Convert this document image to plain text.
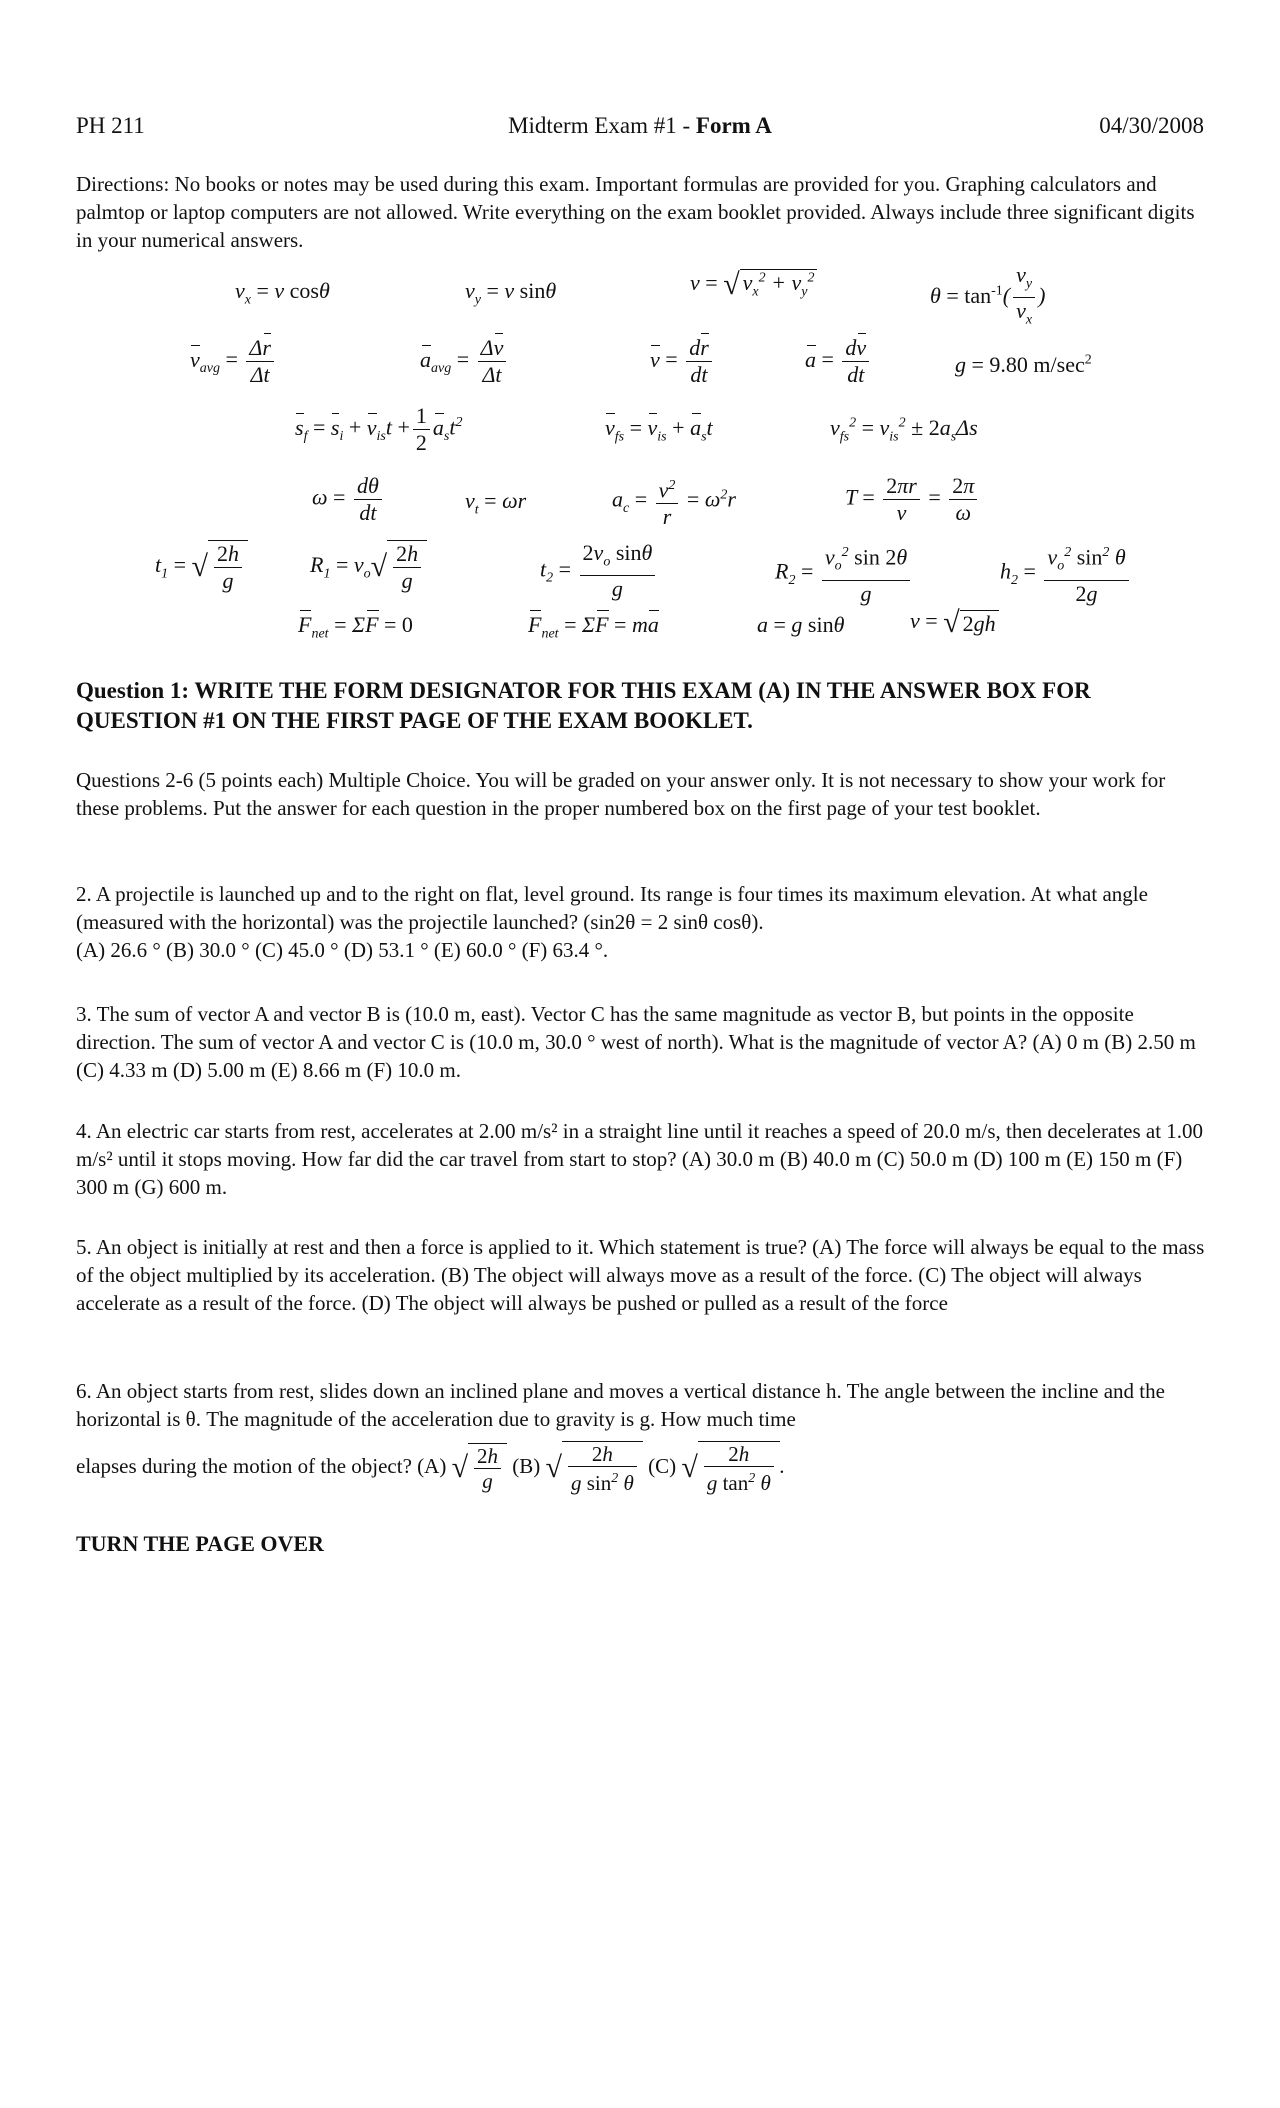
PH 211	Midterm Exam #1 - Form A	04/30/2008
Directions: No books or notes may be used during this exam. Important formulas are provided for you. Graphing calculators and palmtop or laptop computers are not allowed. Write everything on the exam booklet provided. Always include three significant digits in your numerical answers.
$v_x = v$ cosθ	$v_y = v$ sinθ	v = √ $v_x^2 + v_y^2$
$\theta = \tan^{-1}( \frac{v_y}{v_x}$ )
$v_{avg} = \frac{\Delta r}{\Delta t}$	$a_{avg} = \frac{\Delta v}{\Delta t}$	$v = \frac{dr}{dt}$	$a = \frac{dv}{dt}$	g = 9.80 $m/\sec^2$
$s_f = s_i + v_{is}t + \frac{1}{2} a_st^2$	$v_{fs} = v_{is} + a_st$	$v_{fs}^2 = v_{is}^2 \pm 2a_s\Delta s$
$\omega = \frac{d\theta}{dt}$	$v_t = \omega r$	$a_c = \frac{v^2}{r} = \omega^2r$	$T = \frac{2\pi r}{v} = \frac{2\pi}{\omega}$
$t_1$ = √ $\frac{2h}{g}$	$R_1 = v_o√ \frac{2h}{g}$	$t_2 = \frac{2v_o \sin\theta}{g}$	$R_2 = \frac{v_o^2 \sin 2\theta}{g}$	$h_2 = \frac{v_o^2 \sin^2 \theta}{2g}$
$F_{net} = \Sigma F = 0$	$F_{net} = \Sigma F$ = ma	a = g sinθ	v = √ 2gh
Question 1: WRITE THE FORM DESIGNATOR FOR THIS EXAM (A) IN THE ANSWER BOX FOR QUESTION #1 ON THE FIRST PAGE OF THE EXAM BOOKLET.
Questions 2-6 (5 points each) Multiple Choice. You will be graded on your answer only. It is not necessary to show your work for these problems. Put the answer for each question in the proper numbered box on the first page of your test booklet.
2. A projectile is launched up and to the right on flat, level ground. Its range is four times its maximum elevation. At what angle (measured with the horizontal) was the projectile launched? (sin2θ = 2 sinθ cosθ).
(A) 26.6 ° (B) 30.0 ° (C) 45.0 ° (D) 53.1 ° (E) 60.0 ° (F) 63.4 °.
3. The sum of vector A and vector B is (10.0 m, east). Vector C has the same magnitude as vector B, but points in the opposite direction. The sum of vector A and vector C is (10.0 m, 30.0 ° west of north). What is the magnitude of vector A? (A) 0 m (B) 2.50 m (C) 4.33 m (D) 5.00 m (E) 8.66 m (F) 10.0 m.
4. An electric car starts from rest, accelerates at 2.00 m/s² in a straight line until it reaches a speed of 20.0 m/s, then decelerates at 1.00 m/s² until it stops moving. How far did the car travel from start to stop? (A) 30.0 m (B) 40.0 m (C) 50.0 m (D) 100 m (E) 150 m (F) 300 m (G) 600 m.
5. An object is initially at rest and then a force is applied to it. Which statement is true? (A) The force will always be equal to the mass of the object multiplied by its acceleration. (B) The object will always move as a result of the force. (C) The object will always accelerate as a result of the force. (D) The object will always be pushed or pulled as a result of the force
6. An object starts from rest, slides down an inclined plane and moves a vertical distance h. The angle between the incline and the horizontal is θ. The magnitude of the acceleration due to gravity is g. How much time
elapses during the motion of the object? (A) √ $\frac{2h}{g} (B)$ √ $\frac{2h}{g \sin^2 \theta} (C)$ √ $\frac{2h}{g \tan^2 \theta}$ .
TURN THE PAGE OVER
